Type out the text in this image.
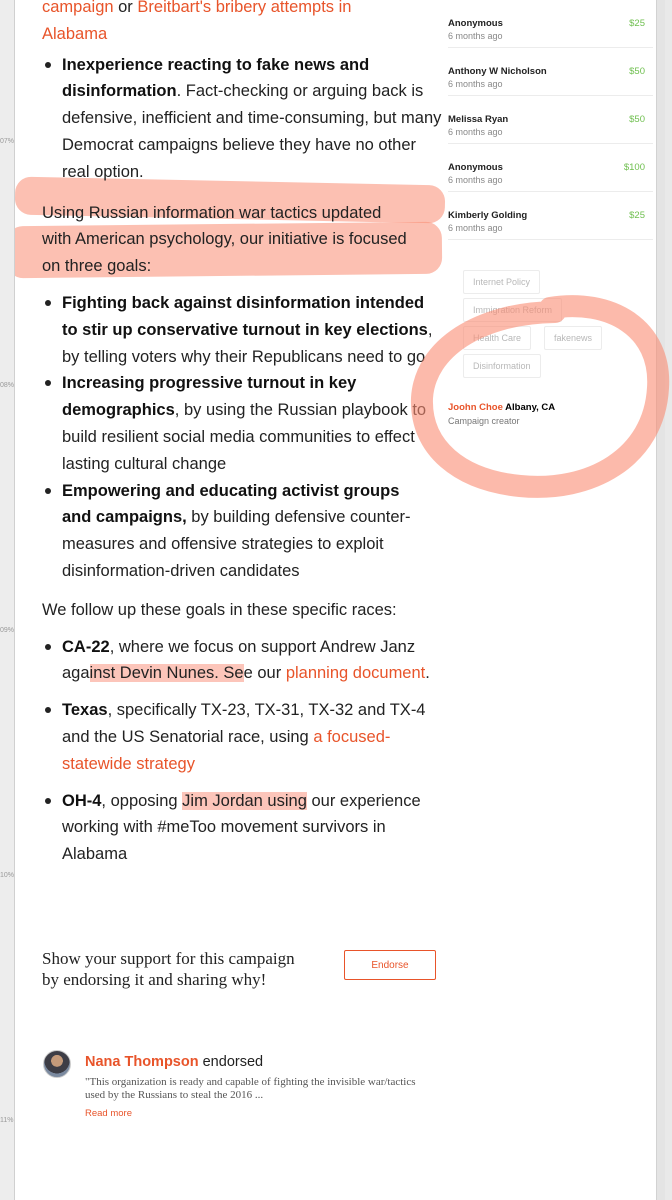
07%
08%
09%
10%
11%

campaign or Breitbart's bribery attempts in
Alabama

Inexperience reacting to fake news and disinformation. Fact-checking or arguing back is defensive, inefficient and time-consuming, but many Democrat campaigns believe they have no other real option.

Using Russian information war tactics updated with American psychology, our initiative is focused on three goals:

Fighting back against disinformation intended to stir up conservative turnout in key elections, by telling voters why their Republicans need to go
Increasing progressive turnout in key demographics, by using the Russian playbook to build resilient social media communities to effect lasting cultural change
Empowering and educating activist groups and campaigns, by building defensive counter-measures and offensive strategies to exploit disinformation-driven candidates

We follow up these goals in these specific races:

CA-22, where we focus on support Andrew Janz against Devin Nunes. See our planning document.
Texas, specifically TX-23, TX-31, TX-32 and TX-4 and the US Senatorial race, using a focused-statewide strategy
OH-4, opposing Jim Jordan using our experience working with #meToo movement survivors in Alabama
Show your support for this campaign by endorsing it and sharing why!
Endorse
Nana Thompson endorsed
"This organization is ready and capable of fighting the invisible war/tactics used by the Russians to steal the 2016 ...
Read more
Anonymous
6 months ago
$25
Anthony W Nicholson
6 months ago
$50
Melissa Ryan
6 months ago
$50
Anonymous
6 months ago
$100
Kimberly Golding
6 months ago
$25
Internet Policy
Immigration Reform
Health Care	fakenews
Disinformation
Joohn Choe Albany, CA
Campaign creator
